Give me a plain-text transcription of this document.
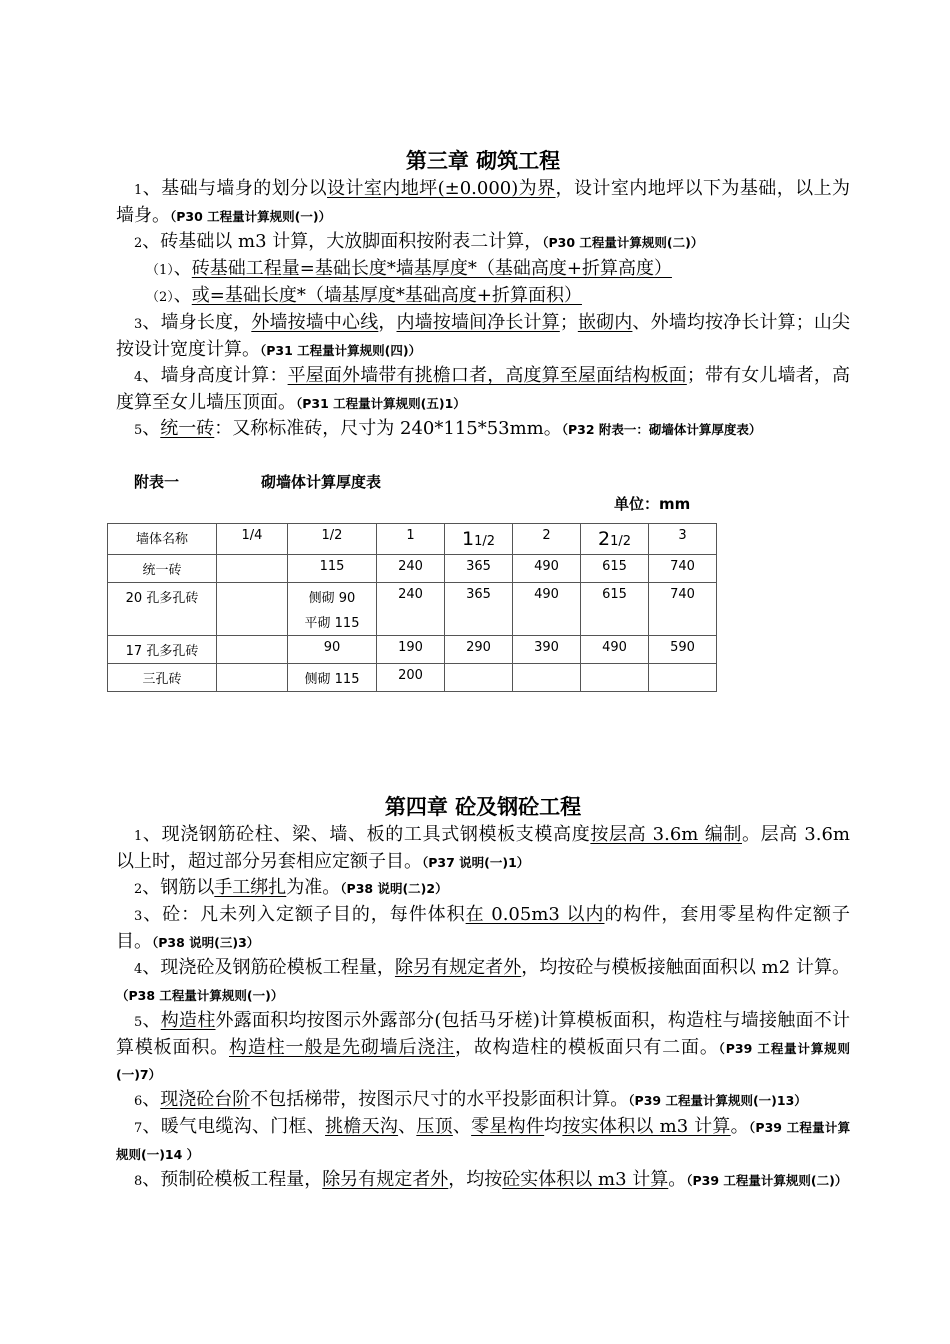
第三章 砌筑工程

1、基础与墙身的划分以设计室内地坪(±0.000)为界，设计室内地坪以下为基础，以上为墙身。（P30 工程量计算规则(一)）

2、砖基础以 m3 计算，大放脚面积按附表二计算，（P30 工程量计算规则(二)）

（1）、砖基础工程量=基础长度*墙基厚度*（基础高度+折算高度）

（2）、或=基础长度*（墙基厚度*基础高度+折算面积）

3、墙身长度，外墙按墙中心线，内墙按墙间净长计算；嵌砌内、外墙均按净长计算；山尖按设计宽度计算。（P31 工程量计算规则(四)）

4、墙身高度计算：平屋面外墙带有挑檐口者，高度算至屋面结构板面；带有女儿墙者，高度算至女儿墙压顶面。（P31 工程量计算规则(五)1）

5、统一砖：又称标准砖，尺寸为 240*115*53mm。（P32 附表一：砌墙体计算厚度表）

附表一	砌墙体计算厚度表
单位：mm
墙体名称	1/4	1/2	1	11/2	2	21/2	3
统一砖		115	240	365	490	615	740
20 孔多孔砖		侧砌 90
平砌 115	240	365	490	615	740
17 孔多孔砖		90	190	290	390	490	590
三孔砖		侧砌 115	200				
第四章 砼及钢砼工程

1、现浇钢筋砼柱、梁、墙、板的工具式钢模板支模高度按层高 3.6m 编制。层高 3.6m 以上时，超过部分另套相应定额子目。（P37 说明(一)1）

2、钢筋以手工绑扎为准。（P38 说明(二)2）

3、砼：凡未列入定额子目的，每件体积在 0.05m3 以内的构件，套用零星构件定额子目。（P38 说明(三)3）

4、现浇砼及钢筋砼模板工程量，除另有规定者外，均按砼与模板接触面面积以 m2 计算。（P38 工程量计算规则(一)）

5、构造柱外露面积均按图示外露部分(包括马牙槎)计算模板面积，构造柱与墙接触面不计算模板面积。构造柱一般是先砌墙后浇注，故构造柱的模板面只有二面。（P39 工程量计算规则(一)7）

6、现浇砼台阶不包括梯带，按图示尺寸的水平投影面积计算。（P39 工程量计算规则(一)13）

7、暖气电缆沟、门框、挑檐天沟、压顶、零星构件均按实体积以 m3 计算。（P39 工程量计算规则(一)14 ）

8、预制砼模板工程量，除另有规定者外，均按砼实体积以 m3 计算。（P39 工程量计算规则(二)）
